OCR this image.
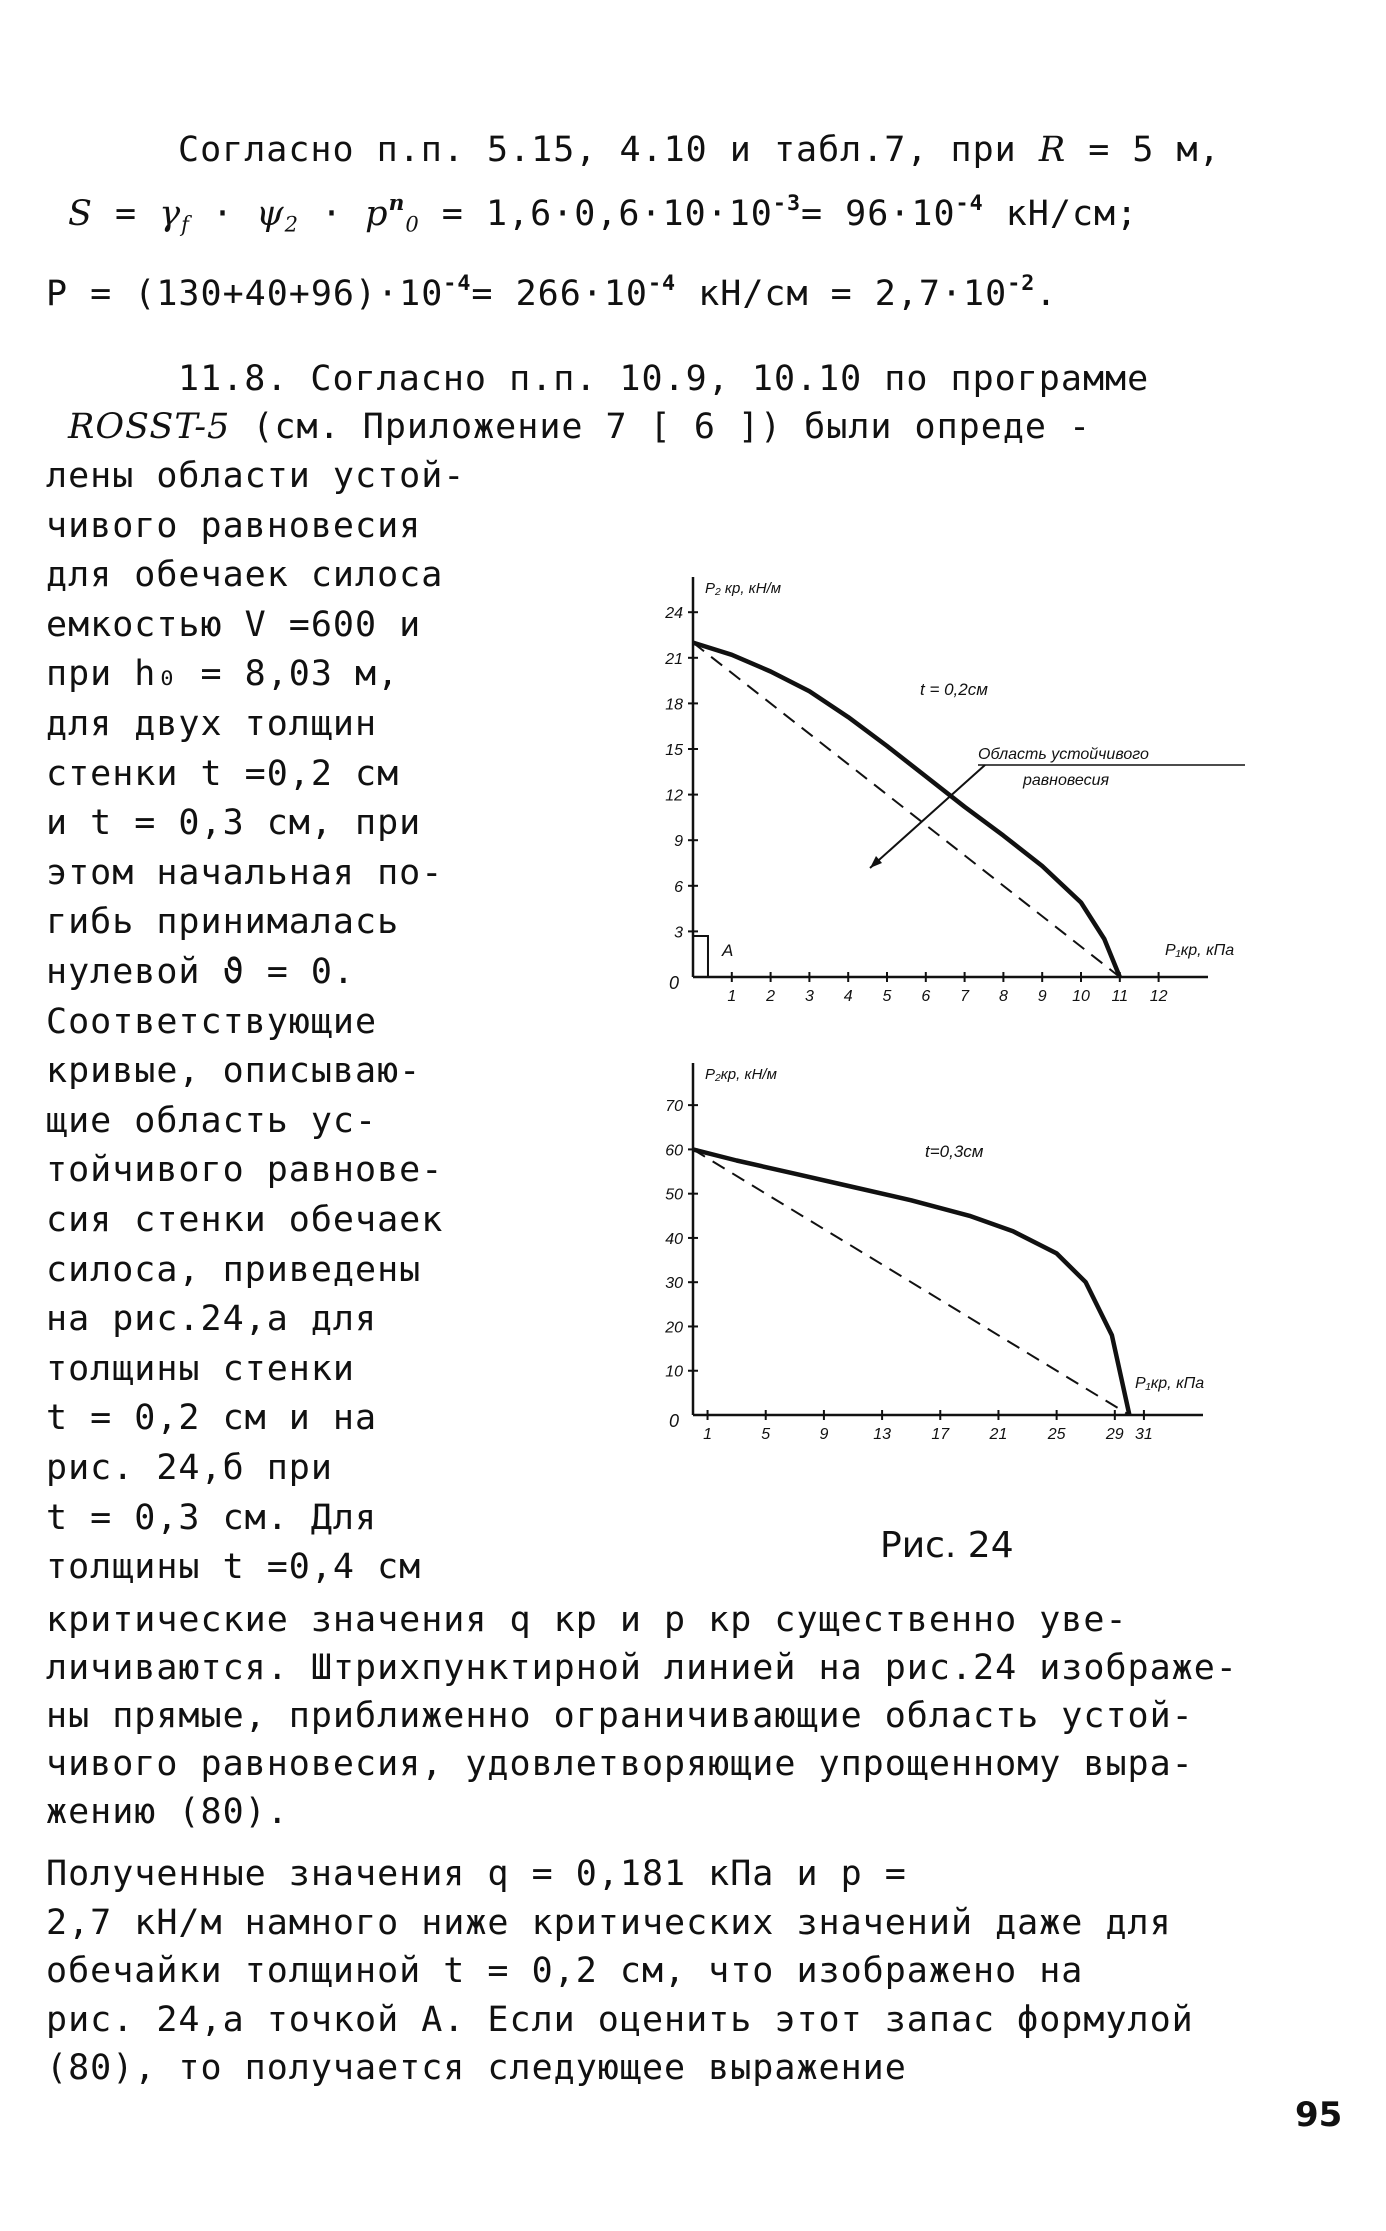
Согласно п.п. 5.15, 4.10 и табл.7, при R = 5 м,
$S = \gamma_f \cdot \psi_2 \cdot p^n_0 = 1,6\cdot 0,6\cdot 10\cdot 10^{-3}= 96\cdot 10^{-4}$ кН/см;
$P = (130+40+96)\cdot 10^{-4}= 266\cdot 10^{-4}$ $кН/см = 2,7\cdot 10^{-2}$.
11.8. Согласно п.п. 10.9, 10.10 по программе
ROSST-5 (см. Приложение 7 [ 6 ]) были опреде -
лены области устой-
чивого равновесия
для обечаек силоса
емкостью V =600 и
при h₀ = 8,03 м,
для двух толщин
стенки t =0,2 см
и t = 0,3 см, при
этом начальная по-
гибь принималась
нулевой ϑ = 0.
Соответствующие
кривые, описываю-
щие область ус-
тойчивого равнове-
сия стенки обечаек
силоса, приведены
на рис.24,а для
толщины стенки
t = 0,2 см и на
рис. 24,б при
t = 0,3 см. Для
толщины t =0,4 см
критические значения q кр и p кр существенно уве-
личиваются. Штрихпунктирной линией на рис.24 изображе-
ны прямые, приближенно ограничивающие область устой-
чивого равновесия, удовлетворяющие упрощенному выра-
жению (80).
Полученные значения q = 0,181 кПа и p =
2,7 кН/м намного ниже критических значений даже для
обечайки толщиной t = 0,2 см, что изображено на
рис. 24,а точкой А. Если оценить этот запас формулой
(80), то получается следующее выражение
1 2 3 4 5 6 7 8 9 10 11 12
3
6
9
12
15
18
21
24
0
P₂ кр, кН/м
P₁кр, кПа
t = 0,2см
A
Область устойчивого
равновесия
1	5	9	13	17	21	25	29 31
10
20
30
40
50
60
70
0
P₂кр, кН/м
P₁кр, кПа
t=0,3см
Рис. 24
95
